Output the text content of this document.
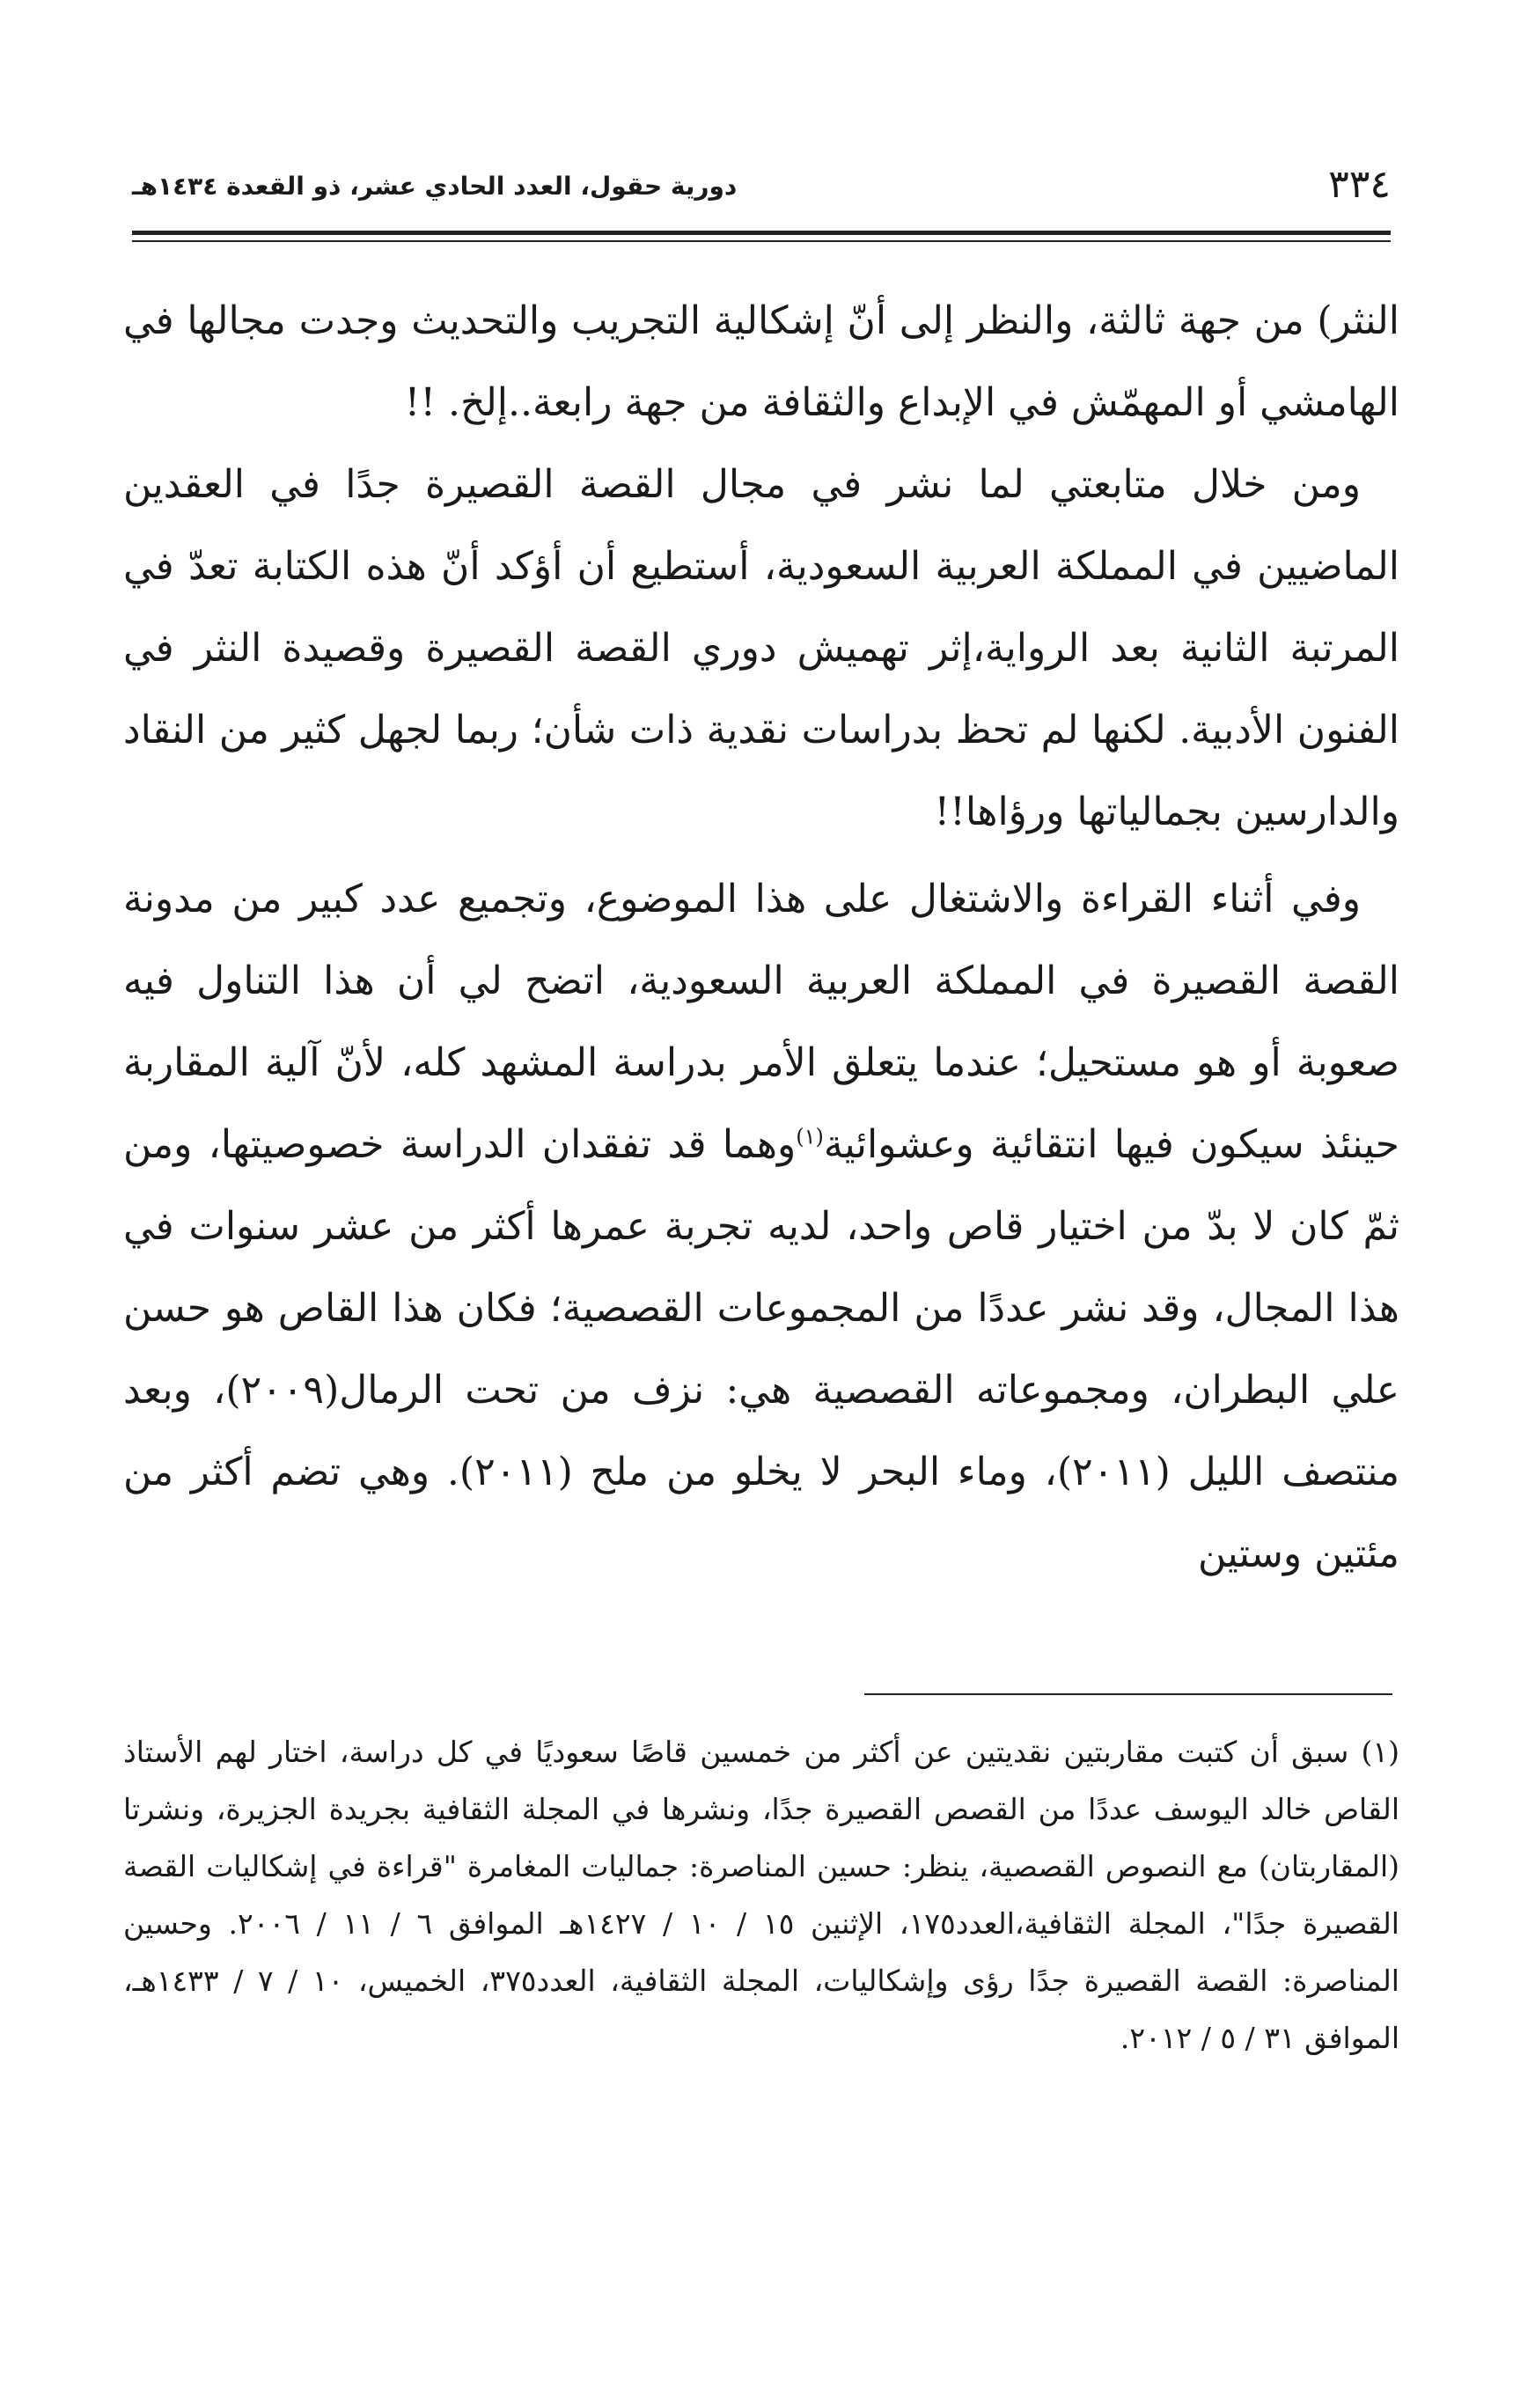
٣٣٤
دورية حقول، العدد الحادي عشر، ذو القعدة ١٤٣٤هـ

النثر) من جهة ثالثة، والنظر إلى أنّ إشكالية التجريب والتحديث وجدت مجالها في الهامشي أو المهمّش في الإبداع والثقافة من جهة رابعة..إلخ. !!

ومن خلال متابعتي لما نشر في مجال القصة القصيرة جدًا في العقدين الماضيين في المملكة العربية السعودية، أستطيع أن أؤكد أنّ هذه الكتابة تعدّ في المرتبة الثانية بعد الرواية،إثر تهميش دوري القصة القصيرة وقصيدة النثر في الفنون الأدبية. لكنها لم تحظ بدراسات نقدية ذات شأن؛ ربما لجهل كثير من النقاد والدارسين بجمالياتها ورؤاها!!

وفي أثناء القراءة والاشتغال على هذا الموضوع، وتجميع عدد كبير من مدونة القصة القصيرة في المملكة العربية السعودية، اتضح لي أن هذا التناول فيه صعوبة أو هو مستحيل؛ عندما يتعلق الأمر بدراسة المشهد كله، لأنّ آلية المقاربة حينئذ سيكون فيها انتقائية وعشوائية$^{(١)}$وهما قد تفقدان الدراسة خصوصيتها، ومن ثمّ كان لا بدّ من اختيار قاص واحد، لديه تجربة عمرها أكثر من عشر سنوات في هذا المجال، وقد نشر عددًا من المجموعات القصصية؛ فكان هذا القاص هو حسن علي البطران، ومجموعاته القصصية هي: نزف من تحت الرمال(٢٠٠٩)، وبعد منتصف الليل (٢٠١١)، وماء البحر لا يخلو من ملح (٢٠١١). وهي تضم أكثر من مئتين وستين

(١) سبق أن كتبت مقاربتين نقديتين عن أكثر من خمسين قاصًا سعوديًا في كل دراسة، اختار لهم الأستاذ القاص خالد اليوسف عددًا من القصص القصيرة جدًا، ونشرها في المجلة الثقافية بجريدة الجزيرة، ونشرتا (المقاربتان) مع النصوص القصصية، ينظر: حسين المناصرة: جماليات المغامرة "قراءة في إشكاليات القصة القصيرة جدًا"، المجلة الثقافية،العدد١٧٥، الإثنين ١٥ / ١٠ / ١٤٢٧هـ الموافق ٦ / ١١ / ٢٠٠٦. وحسين المناصرة: القصة القصيرة جدًا رؤى وإشكاليات، المجلة الثقافية، العدد٣٧٥، الخميس، ١٠ / ٧ / ١٤٣٣هـ، الموافق ٣١ / ٥ / ٢٠١٢.
